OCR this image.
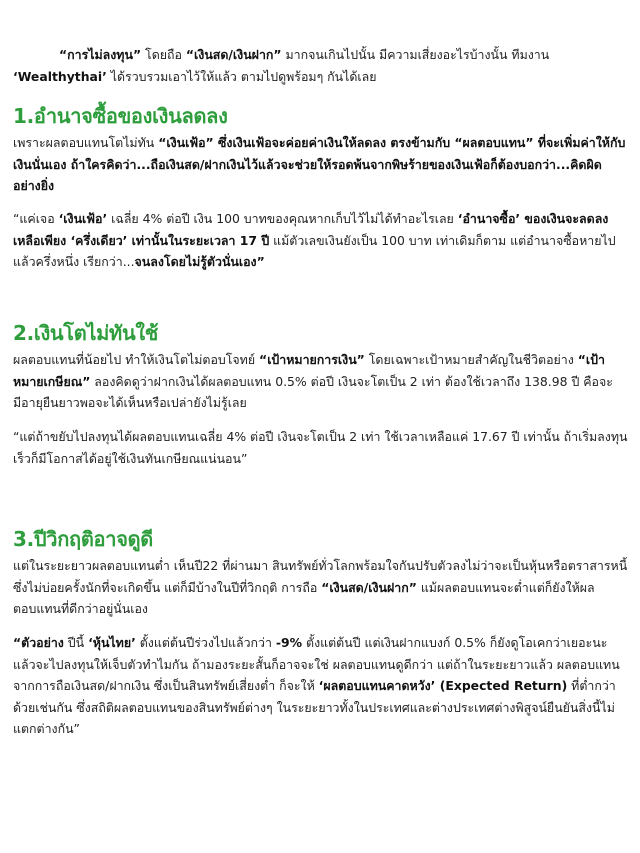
“การไม่ลงทุน” โดยถือ “เงินสด/เงินฝาก” มากจนเกินไปนั้น มีความเสี่ยงอะไรบ้างนั้น ทีมงาน ‘Wealthythai’ ได้รวบรวมเอาไว้ให้แล้ว ตามไปดูพร้อมๆ กันได้เลย

1.อำนาจซื้อของเงินลดลง

เพราะผลตอบแทนโตไม่ทัน “เงินเฟ้อ” ซึ่งเงินเฟ้อจะค่อยค่าเงินให้ลดลง ตรงข้ามกับ “ผลตอบแทน” ที่จะเพิ่มค่าให้กับเงินนั่นเอง ถ้าใครคิดว่า...ถือเงินสด/ฝากเงินไว้แล้วจะช่วยให้รอดพ้นจากพิษร้ายของเงินเฟ้อก็ต้องบอกว่า...คิดผิดอย่างยิ่ง

“แค่เจอ ‘เงินเฟ้อ’ เฉลี่ย 4% ต่อปี เงิน 100 บาทของคุณหากเก็บไว้ไม่ได้ทำอะไรเลย ‘อำนาจซื้อ’ ของเงินจะลดลงเหลือเพียง ‘ครึ่งเดียว’ เท่านั้นในระยะเวลา 17 ปี แม้ตัวเลขเงินยังเป็น 100 บาท เท่าเดิมก็ตาม แต่อำนาจซื้อหายไปแล้วครึ่งหนึ่ง เรียกว่า...จนลงโดยไม่รู้ตัวนั่นเอง”

2.เงินโตไม่ทันใช้

ผลตอบแทนที่น้อยไป ทำให้เงินโตไม่ตอบโจทย์ “เป้าหมายการเงิน” โดยเฉพาะเป้าหมายสำคัญในชีวิตอย่าง “เป้าหมายเกษียณ” ลองคิดดูว่าฝากเงินได้ผลตอบแทน 0.5% ต่อปี เงินจะโตเป็น 2 เท่า ต้องใช้เวลาถึง 138.98 ปี คือจะมีอายุยืนยาวพอจะได้เห็นหรือเปล่ายังไม่รู้เลย

“แต่ถ้าขยับไปลงทุนได้ผลตอบแทนเฉลี่ย 4% ต่อปี เงินจะโตเป็น 2 เท่า ใช้เวลาเหลือแค่ 17.67 ปี เท่านั้น ถ้าเริ่มลงทุนเร็วก็มีโอกาสได้อยู่ใช้เงินทันเกษียณแน่นอน”

3.ปีวิกฤติอาจดูดี

แต่ในระยะยาวผลตอบแทนต่ำ เห็นปี22 ที่ผ่านมา สินทรัพย์ทั่วโลกพร้อมใจกันปรับตัวลงไม่ว่าจะเป็นหุ้นหรือตราสารหนี้ ซึ่งไม่บ่อยครั้งนักที่จะเกิดขึ้น แต่ก็มีบ้างในปีที่วิกฤติ การถือ “เงินสด/เงินฝาก” แม้ผลตอบแทนจะต่ำแต่ก็ยังให้ผลตอบแทนที่ดีกว่าอยู่นั่นเอง

“ตัวอย่าง ปีนี้ ‘หุ้นไทย’ ตั้งแต่ต้นปีร่วงไปแล้วกว่า -9% ตั้งแต่ต้นปี แต่เงินฝากแบงก์ 0.5% ก็ยังดูโอเคกว่าเยอะนะ แล้วจะไปลงทุนให้เจ็บตัวทำไมกัน ถ้ามองระยะสั้นก็อาจจะใช่ ผลตอบแทนดูดีกว่า แต่ถ้าในระยะยาวแล้ว ผลตอบแทนจากการถือเงินสด/ฝากเงิน ซึ่งเป็นสินทรัพย์เสี่ยงต่ำ ก็จะให้ ‘ผลตอบแทนคาดหวัง’ (Expected Return) ที่ต่ำกว่าด้วยเช่นกัน ซึ่งสถิติผลตอบแทนของสินทรัพย์ต่างๆ ในระยะยาวทั้งในประเทศและต่างประเทศต่างพิสูจน์ยืนยันสิ่งนี้ไม่แตกต่างกัน”
